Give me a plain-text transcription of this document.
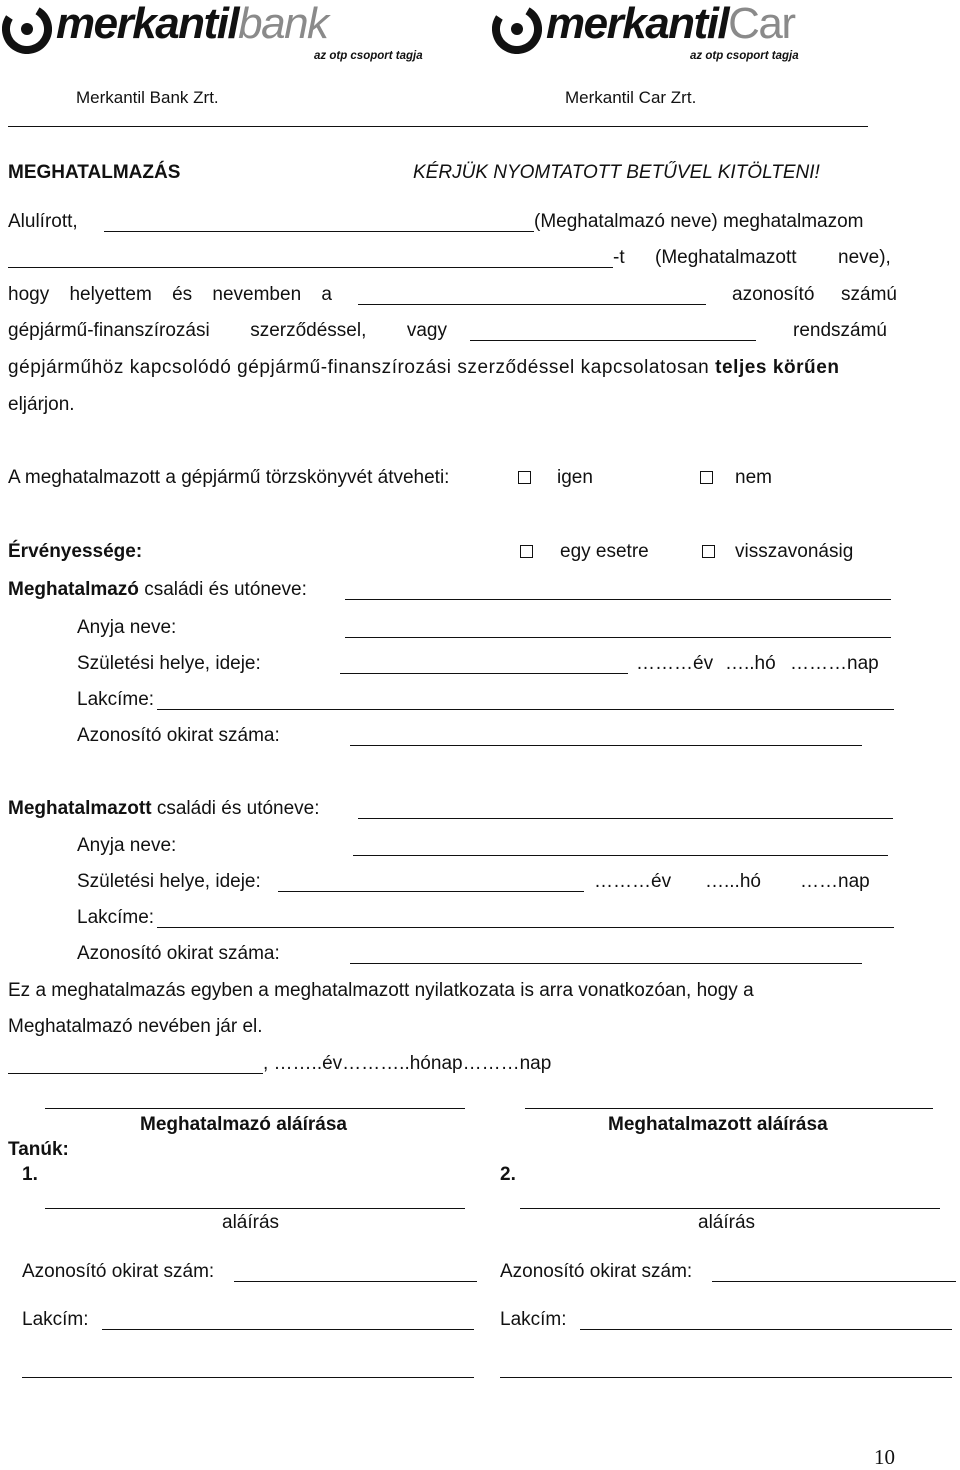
merkantilbank
az otp csoport tagja
merkantilCar
az otp csoport tagja
Merkantil Bank Zrt.	Merkantil Car Zrt.
MEGHATALMAZÁS	KÉRJÜK NYOMTATOTT BETŰVEL KITÖLTENI!
Alulírott,	(Meghatalmazó neve) meghatalmazom
-t (Meghatalmazott neve),
hogy helyettem és nevemben a	azonosító számú
gépjármű-finanszírozási szerződéssel, vagy	rendszámú
gépjárműhöz kapcsolódó gépjármű-finanszírozási szerződéssel kapcsolatosan teljes körűen
eljárjon.
A meghatalmazott a gépjármű törzskönyvét átveheti:	igen	nem
Érvényessége:	egy esetre	visszavonásig
Meghatalmazó családi és utóneve:
Anyja neve:
Születési helye, ideje:	………év …..hó ………nap
Lakcíme:
Azonosító okirat száma:
Meghatalmazott családi és utóneve:
Anyja neve:
Születési helye, ideje:	………év …...hó ……nap
Lakcíme:
Azonosító okirat száma:
Ez a meghatalmazás egyben a meghatalmazott nyilatkozata is arra vonatkozóan, hogy a
Meghatalmazó nevében jár el.
, ……..év………..hónap………nap
Meghatalmazó aláírása	Meghatalmazott aláírása
Tanúk:
1.	2.
aláírás	aláírás
Azonosító okirat szám:	Azonosító okirat szám:
Lakcím:	Lakcím:
10
